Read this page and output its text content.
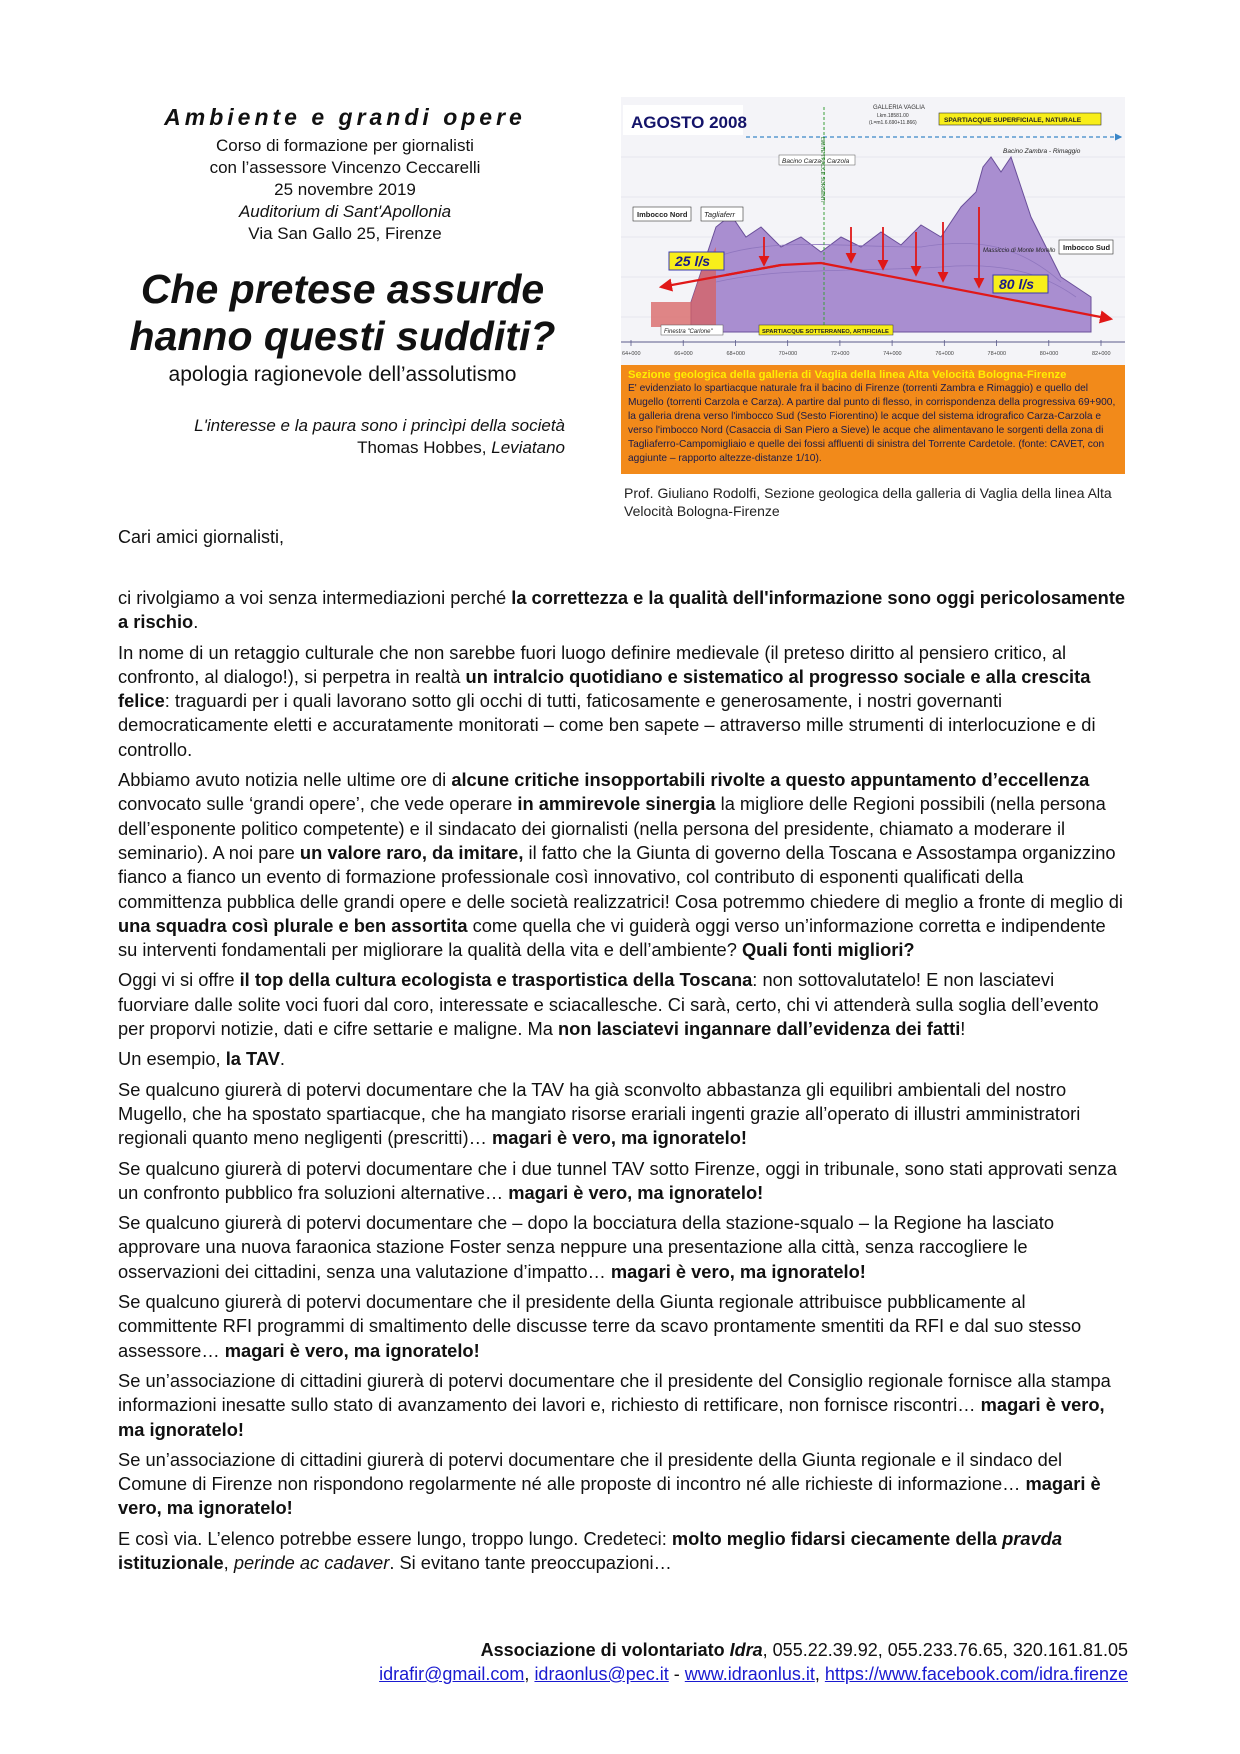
Ambiente e grandi opere
Corso di formazione per giornalisti
con l’assessore Vincenzo Ceccarelli
25 novembre 2019
Auditorium di Sant'Apollonia
Via San Gallo 25, Firenze
Che pretese assurde
hanno questi sudditi?
apologia ragionevole dell’assolutismo
L'interesse e la paura sono i princìpi della società
Thomas Hobbes, Leviatano
AGOSTO 2008	SPARTIACQUE SUPERFICIALE, NATURALE
GALLERIA VAGLIA
Lkm.18581.00
(L=m1.6.690+11.866)
Bacino Carza - Carzola
Bacino Zambra - Rimaggio
LIMITE TRACCE SORGENTI
Imbocco Nord Tagliaferr
Imbocco Sud
Massiccio di Monte Morello
25 l/s
80 l/s
Finestra "Carlone"	SPARTIACQUE SOTTERRANEO, ARTIFICIALE
64+000	66+000	68+000	70+000	72+000	74+000	76+000	78+000	80+000	82+000
Sezione geologica della galleria di Vaglia della linea Alta Velocità Bologna-Firenze
E' evidenziato lo spartiacque naturale fra il bacino di Firenze (torrenti Zambra e Rimaggio) e quello del Mugello (torrenti Carzola e Carza). A partire dal punto di flesso, in corrispondenza della progressiva 69+900, la galleria drena verso l'imbocco Sud (Sesto Fiorentino) le acque del sistema idrografico Carza-Carzola e verso l'imbocco Nord (Casaccia di San Piero a Sieve) le acque che alimentavano le sorgenti della zona di Tagliaferro-Campomigliaio e quelle dei fossi affluenti di sinistra del Torrente Cardetole. (fonte: CAVET, con aggiunte – rapporto altezze-distanze 1/10).
Prof. Giuliano Rodolfi, Sezione geologica della galleria di Vaglia della linea Alta Velocità Bologna-Firenze
Cari amici giornalisti,

ci rivolgiamo a voi senza intermediazioni perché la correttezza e la qualità dell'informazione sono oggi pericolosamente a rischio.

In nome di un retaggio culturale che non sarebbe fuori luogo definire medievale (il preteso diritto al pensiero critico, al confronto, al dialogo!), si perpetra in realtà un intralcio quotidiano e sistematico al progresso sociale e alla crescita felice: traguardi per i quali lavorano sotto gli occhi di tutti, faticosamente e generosamente, i nostri governanti democraticamente eletti e accuratamente monitorati – come ben sapete – attraverso mille strumenti di interlocuzione e di controllo.

Abbiamo avuto notizia nelle ultime ore di alcune critiche insopportabili rivolte a questo appuntamento d’eccellenza convocato sulle ‘grandi opere’, che vede operare in ammirevole sinergia la migliore delle Regioni possibili (nella persona dell’esponente politico competente) e il sindacato dei giornalisti (nella persona del presidente, chiamato a moderare il seminario). A noi pare un valore raro, da imitare, il fatto che la Giunta di governo della Toscana e Assostampa organizzino fianco a fianco un evento di formazione professionale così innovativo, col contributo di esponenti qualificati della committenza pubblica delle grandi opere e delle società realizzatrici! Cosa potremmo chiedere di meglio a fronte di meglio di una squadra così plurale e ben assortita come quella che vi guiderà oggi verso un’informazione corretta e indipendente su interventi fondamentali per migliorare la qualità della vita e dell’ambiente? Quali fonti migliori?

Oggi vi si offre il top della cultura ecologista e trasportistica della Toscana: non sottovalutatelo! E non lasciatevi fuorviare dalle solite voci fuori dal coro, interessate e sciacallesche. Ci sarà, certo, chi vi attenderà sulla soglia dell’evento per proporvi notizie, dati e cifre settarie e maligne. Ma non lasciatevi ingannare dall’evidenza dei fatti!

Un esempio, la TAV.

Se qualcuno giurerà di potervi documentare che la TAV ha già sconvolto abbastanza gli equilibri ambientali del nostro Mugello, che ha spostato spartiacque, che ha mangiato risorse erariali ingenti grazie all’operato di illustri amministratori regionali quanto meno negligenti (prescritti)… magari è vero, ma ignoratelo!

Se qualcuno giurerà di potervi documentare che i due tunnel TAV sotto Firenze, oggi in tribunale, sono stati approvati senza un confronto pubblico fra soluzioni alternative… magari è vero, ma ignoratelo!

Se qualcuno giurerà di potervi documentare che – dopo la bocciatura della stazione-squalo – la Regione ha lasciato approvare una nuova faraonica stazione Foster senza neppure una presentazione alla città, senza raccogliere le osservazioni dei cittadini, senza una valutazione d’impatto… magari è vero, ma ignoratelo!

Se qualcuno giurerà di potervi documentare che il presidente della Giunta regionale attribuisce pubblicamente al committente RFI programmi di smaltimento delle discusse terre da scavo prontamente smentiti da RFI e dal suo stesso assessore… magari è vero, ma ignoratelo!

Se un’associazione di cittadini giurerà di potervi documentare che il presidente del Consiglio regionale fornisce alla stampa informazioni inesatte sullo stato di avanzamento dei lavori e, richiesto di rettificare, non fornisce riscontri… magari è vero, ma ignoratelo!

Se un’associazione di cittadini giurerà di potervi documentare che il presidente della Giunta regionale e il sindaco del Comune di Firenze non rispondono regolarmente né alle proposte di incontro né alle richieste di informazione… magari è vero, ma ignoratelo!

E così via. L’elenco potrebbe essere lungo, troppo lungo. Credeteci: molto meglio fidarsi ciecamente della pravda istituzionale, perinde ac cadaver. Si evitano tante preoccupazioni…

Associazione di volontariato Idra, 055.22.39.92, 055.233.76.65, 320.161.81.05
idrafir@gmail.com, idraonlus@pec.it - www.idraonlus.it, https://www.facebook.com/idra.firenze
